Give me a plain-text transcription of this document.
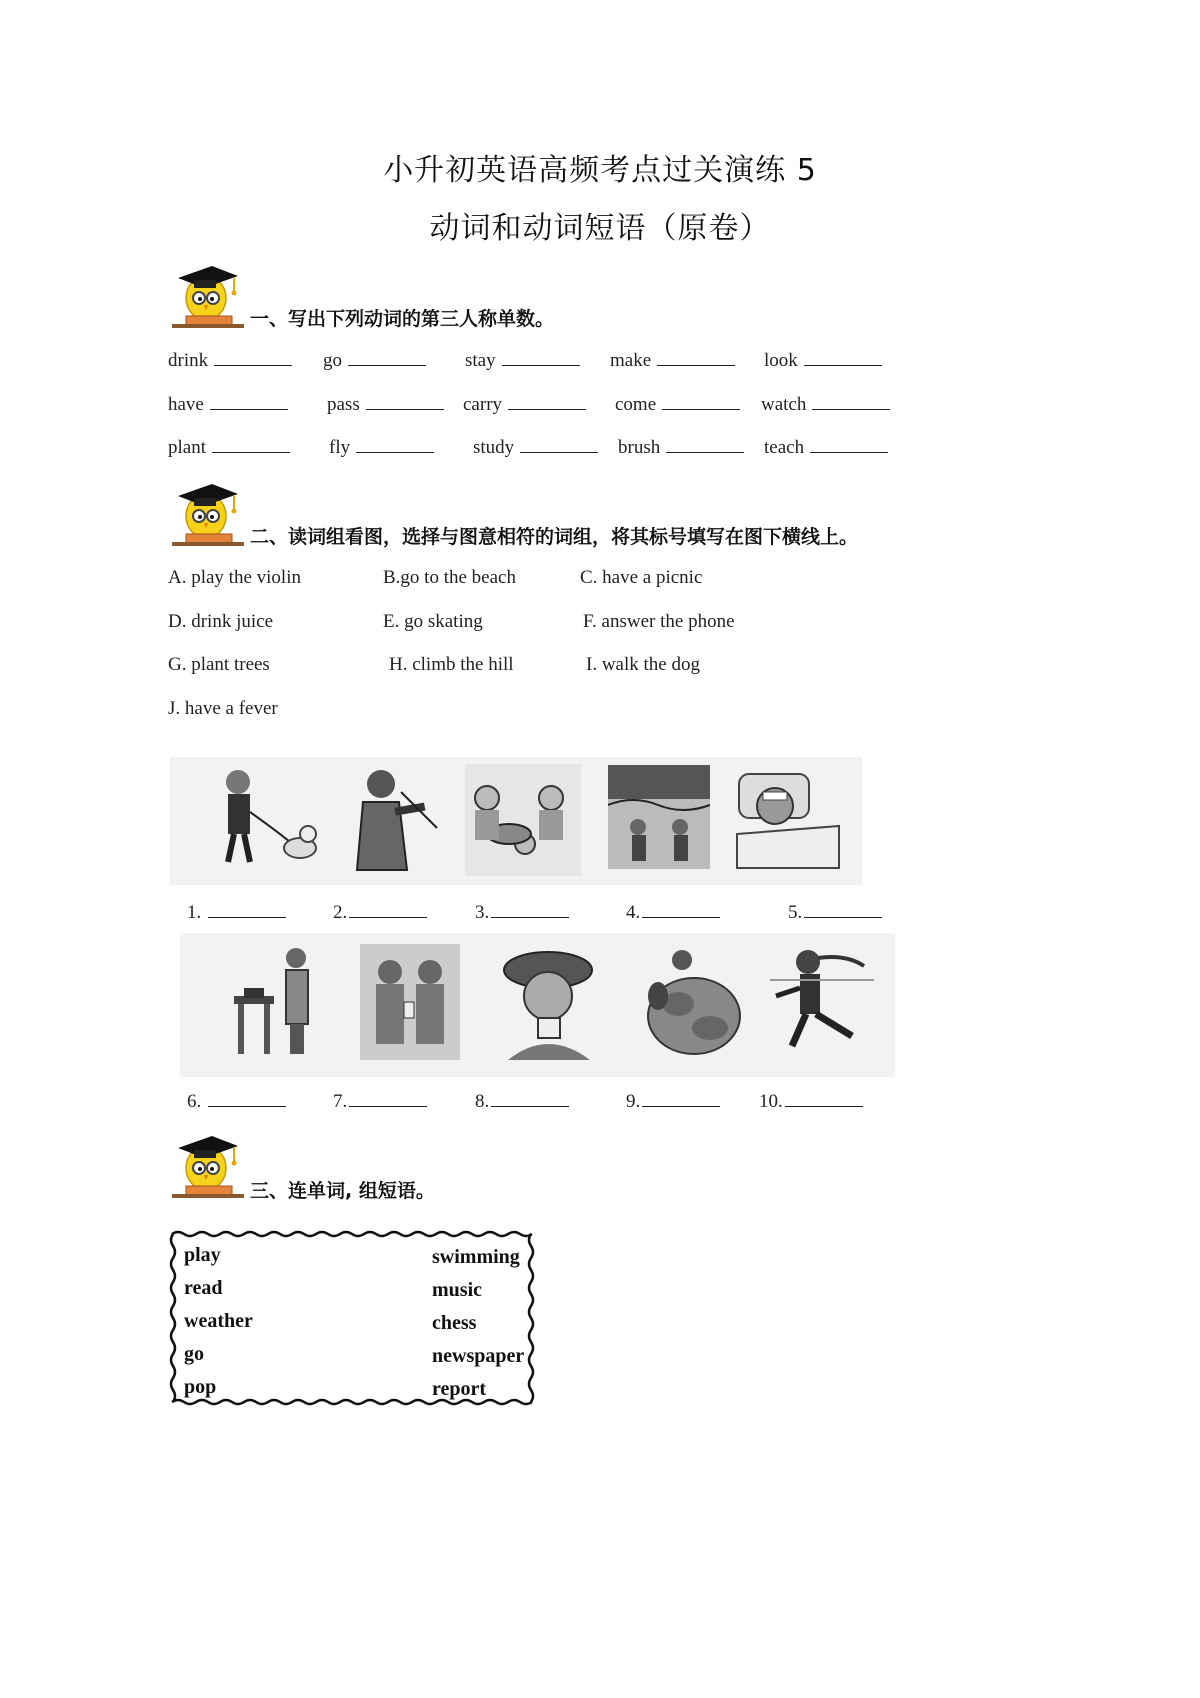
小升初英语高频考点过关演练 5
动词和动词短语（原卷）
一、写出下列动词的第三人称单数。
drink	go	stay	make	look
have	pass	carry	come	watch
plant	fly	study	brush	teach
二、读词组看图，选择与图意相符的词组，将其标号填写在图下横线上。
A. play the violin	B.go to the beach	C. have a picnic
D. drink juice	E. go skating	F. answer the phone
G. plant trees	H. climb the hill	I. walk the dog
J. have a fever
1.	2.	3.	4.	5.
6.	7.	8.	9.	10.
三、连单词, 组短语。
play
read
weather
go
pop
swimming
music
chess
newspaper
report
